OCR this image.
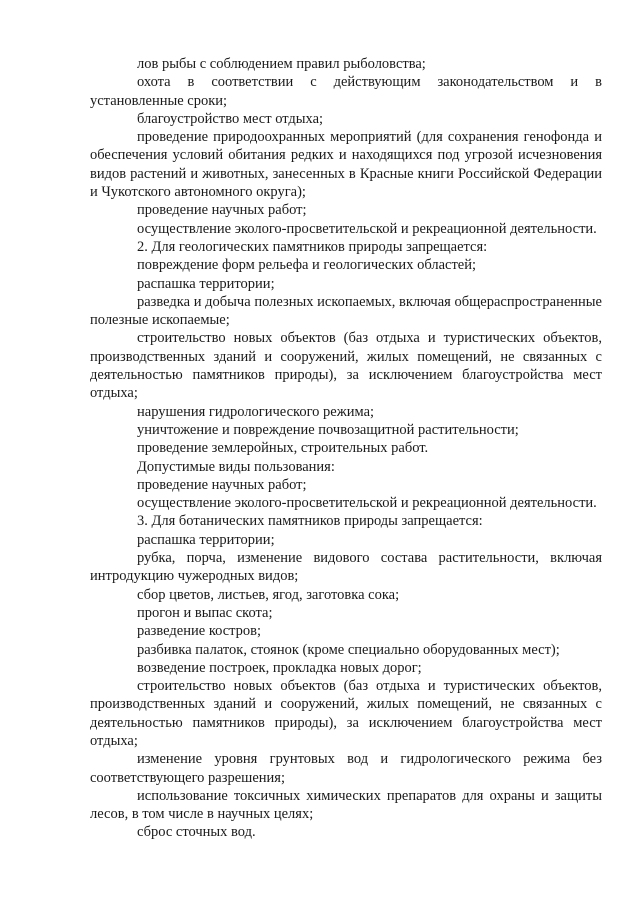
лов рыбы с соблюдением правил рыболовства;

охота в соответствии с действующим законодательством и в установленные сроки;

благоустройство мест отдыха;

проведение природоохранных мероприятий (для сохранения генофонда и обеспечения условий обитания редких и находящихся под угрозой исчезновения видов растений и животных, занесенных в Красные книги Российской Федерации и Чукотского автономного округа);

проведение научных работ;

осуществление эколого-просветительской и рекреационной деятельности.

2. Для геологических памятников природы запрещается:

повреждение форм рельефа и геологических областей;

распашка территории;

разведка и добыча полезных ископаемых, включая общераспространенные полезные ископаемые;

строительство новых объектов (баз отдыха и туристических объектов, производственных зданий и сооружений, жилых помещений, не связанных с деятельностью памятников природы), за исключением благоустройства мест отдыха;

нарушения гидрологического режима;

уничтожение и повреждение почвозащитной растительности;

проведение землеройных, строительных работ.

Допустимые виды пользования:

проведение научных работ;

осуществление эколого-просветительской и рекреационной деятельности.

3. Для ботанических памятников природы запрещается:

распашка территории;

рубка, порча, изменение видового состава растительности, включая интродукцию чужеродных видов;

сбор цветов, листьев, ягод, заготовка сока;

прогон и выпас скота;

разведение костров;

разбивка палаток, стоянок (кроме специально оборудованных мест);

возведение построек, прокладка новых дорог;

строительство новых объектов (баз отдыха и туристических объектов, производственных зданий и сооружений, жилых помещений, не связанных с деятельностью памятников природы), за исключением благоустройства мест отдыха;

изменение уровня грунтовых вод и гидрологического режима без соответствующего разрешения;

использование токсичных химических препаратов для охраны и защиты лесов, в том числе в научных целях;

сброс сточных вод.
